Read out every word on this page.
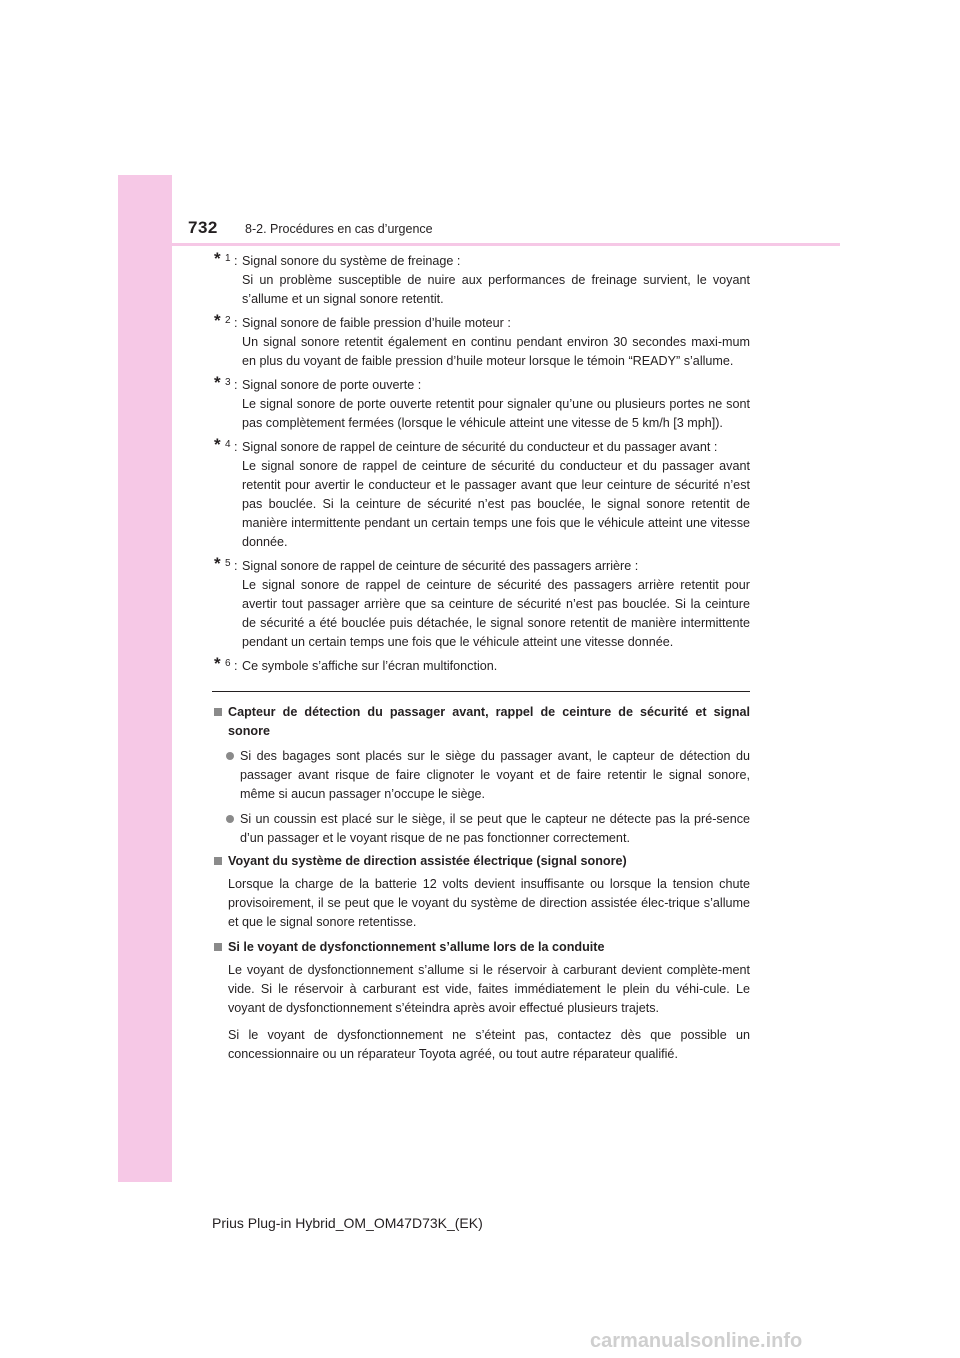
732 8-2. Procédures en cas d’urgence
* 1 : Signal sonore du système de freinage :

Si un problème susceptible de nuire aux performances de freinage survient, le voyant s’allume et un signal sonore retentit.

* 2 : Signal sonore de faible pression d’huile moteur :

Un signal sonore retentit également en continu pendant environ 30 secondes maxi-mum en plus du voyant de faible pression d’huile moteur lorsque le témoin “READY” s’allume.

* 3 : Signal sonore de porte ouverte :

Le signal sonore de porte ouverte retentit pour signaler qu’une ou plusieurs portes ne sont pas complètement fermées (lorsque le véhicule atteint une vitesse de 5 km/h [3 mph]).

* 4 : Signal sonore de rappel de ceinture de sécurité du conducteur et du passager avant :

Le signal sonore de rappel de ceinture de sécurité du conducteur et du passager avant retentit pour avertir le conducteur et le passager avant que leur ceinture de sécurité n’est pas bouclée. Si la ceinture de sécurité n’est pas bouclée, le signal sonore retentit de manière intermittente pendant un certain temps une fois que le véhicule atteint une vitesse donnée.

* 5 : Signal sonore de rappel de ceinture de sécurité des passagers arrière :

Le signal sonore de rappel de ceinture de sécurité des passagers arrière retentit pour avertir tout passager arrière que sa ceinture de sécurité n’est pas bouclée. Si la ceinture de sécurité a été bouclée puis détachée, le signal sonore retentit de manière intermittente pendant un certain temps une fois que le véhicule atteint une vitesse donnée.

* 6 : Ce symbole s’affiche sur l’écran multifonction.

Capteur de détection du passager avant, rappel de ceinture de sécurité et signal sonore
Si des bagages sont placés sur le siège du passager avant, le capteur de détection du passager avant risque de faire clignoter le voyant et de faire retentir le signal sonore, même si aucun passager n’occupe le siège.
Si un coussin est placé sur le siège, il se peut que le capteur ne détecte pas la pré-sence d’un passager et le voyant risque de ne pas fonctionner correctement.
Voyant du système de direction assistée électrique (signal sonore)

Lorsque la charge de la batterie 12 volts devient insuffisante ou lorsque la tension chute provisoirement, il se peut que le voyant du système de direction assistée élec-trique s’allume et que le signal sonore retentisse.

Si le voyant de dysfonctionnement s’allume lors de la conduite

Le voyant de dysfonctionnement s’allume si le réservoir à carburant devient complète-ment vide. Si le réservoir à carburant est vide, faites immédiatement le plein du véhi-cule. Le voyant de dysfonctionnement s’éteindra après avoir effectué plusieurs trajets.

Si le voyant de dysfonctionnement ne s’éteint pas, contactez dès que possible un concessionnaire ou un réparateur Toyota agréé, ou tout autre réparateur qualifié.

Prius Plug-in Hybrid_OM_OM47D73K_(EK)
carmanualsonline.info
